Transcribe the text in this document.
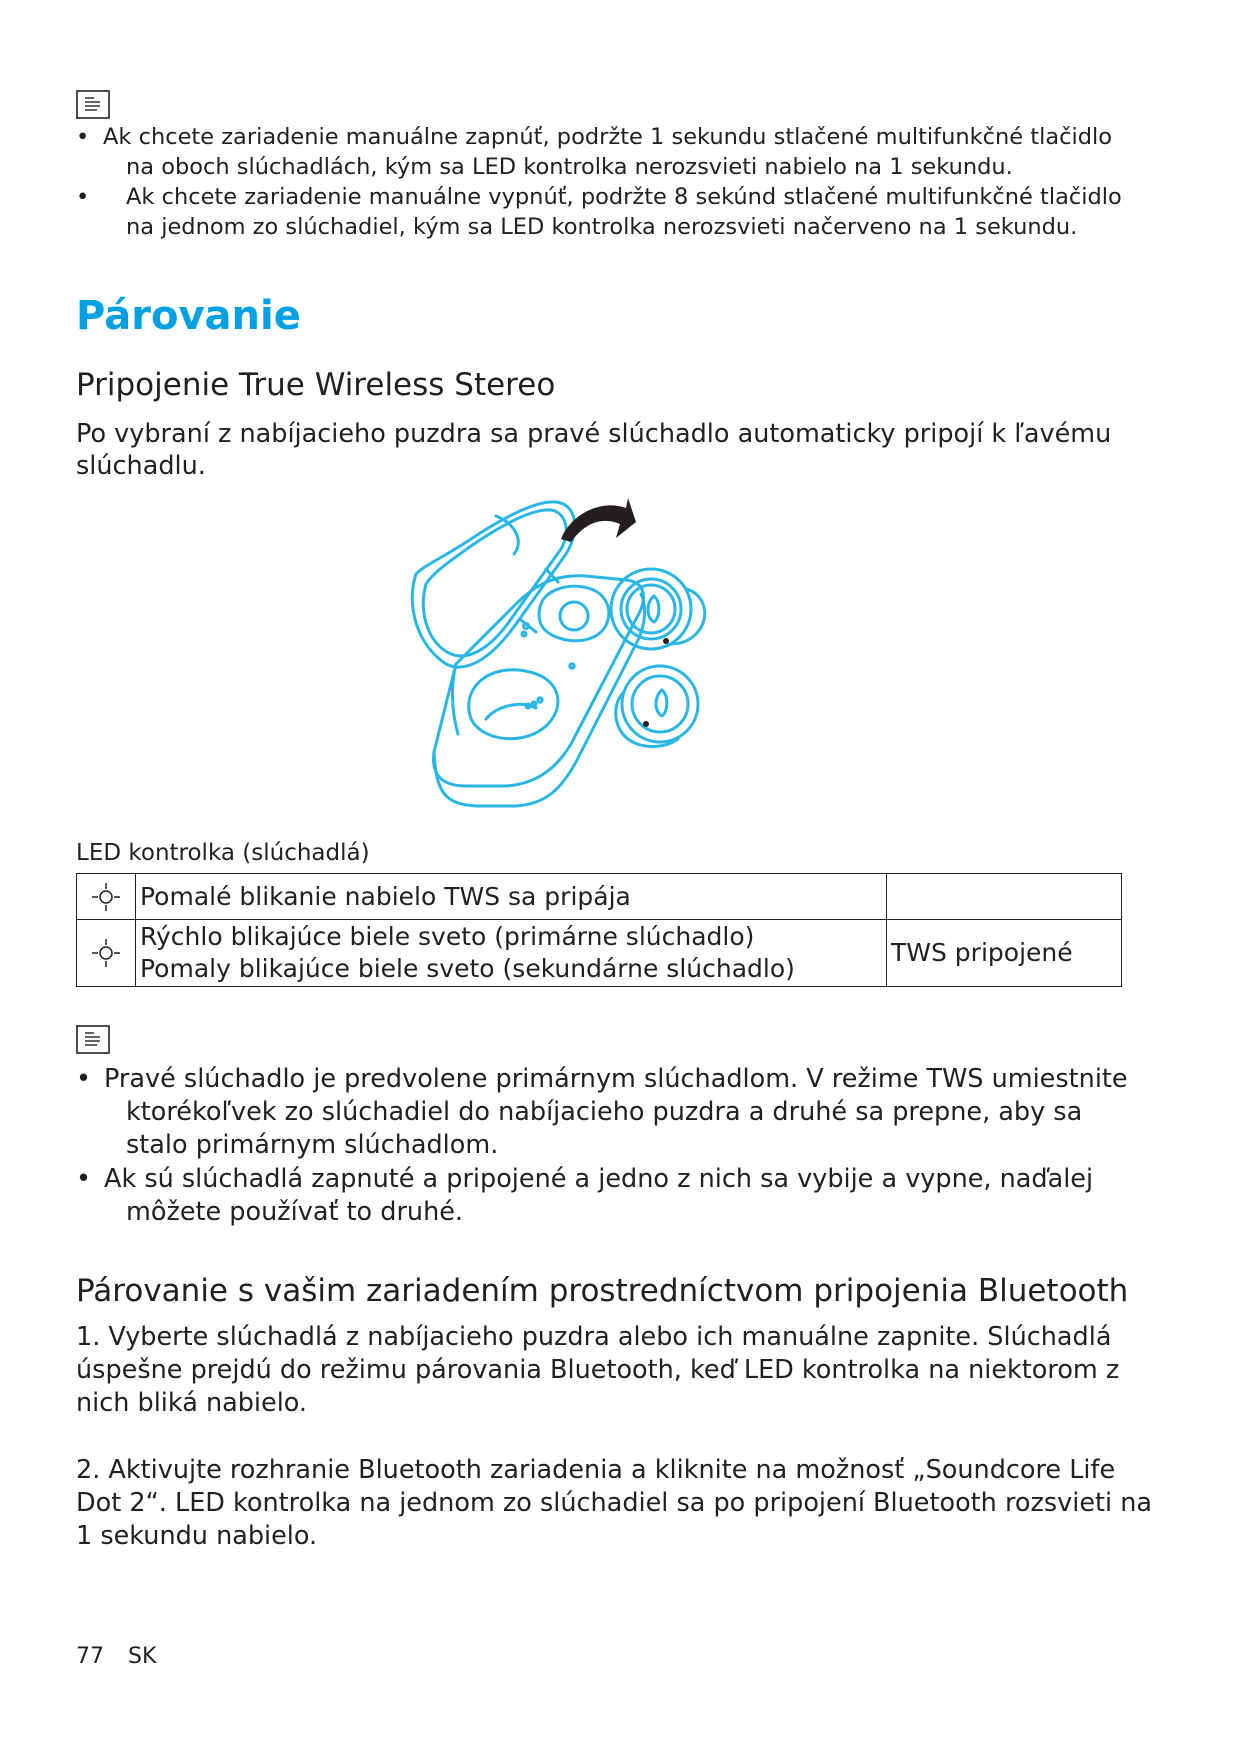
• Ak chcete zariadenie manuálne zapnúť, podržte 1 sekundu stlačené multifunkčné tlačidlo na oboch slúchadlách, kým sa LED kontrolka nerozsvieti nabielo na 1 sekundu.
• Ak chcete zariadenie manuálne vypnúť, podržte 8 sekúnd stlačené multifunkčné tlačidlo na jednom zo slúchadiel, kým sa LED kontrolka nerozsvieti načerveno na 1 sekundu.
Párovanie
Pripojenie True Wireless Stereo

Po vybraní z nabíjacieho puzdra sa pravé slúchadlo automaticky pripojí k ľavému slúchadlu.

LED kontrolka (slúchadlá)
	Pomalé blikanie nabielo TWS sa pripája	

Rýchlo blikajúce biele sveto (primárne slúchadlo)
Pomaly blikajúce biele sveto (sekundárne slúchadlo)	TWS pripojené
• Pravé slúchadlo je predvolene primárnym slúchadlom. V režime TWS umiestnite ktorékoľvek zo slúchadiel do nabíjacieho puzdra a druhé sa prepne, aby sa stalo primárnym slúchadlom.
• Ak sú slúchadlá zapnuté a pripojené a jedno z nich sa vybije a vypne, naďalej môžete používať to druhé.
Párovanie s vašim zariadením prostredníctvom pripojenia Bluetooth

1. Vyberte slúchadlá z nabíjacieho puzdra alebo ich manuálne zapnite. Slúchadlá úspešne prejdú do režimu párovania Bluetooth, keď LED kontrolka na niektorom z nich bliká nabielo.

2. Aktivujte rozhranie Bluetooth zariadenia a kliknite na možnosť „Soundcore Life Dot 2“. LED kontrolka na jednom zo slúchadiel sa po pripojení Bluetooth rozsvieti na 1 sekundu nabielo.

77 SK
